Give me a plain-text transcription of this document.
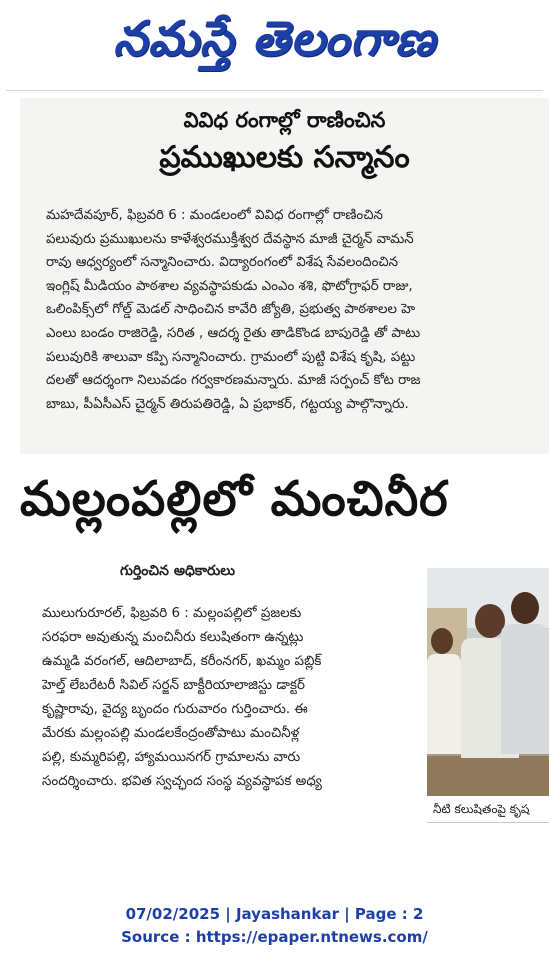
నమస్తే తెలంగాణ
వివిధ రంగాల్లో రాణించిన
ప్రముఖులకు సన్మానం
మహదేవపూర్, ఫిబ్రవరి 6 : మండలంలో వివిధ రంగాల్లో రాణించిన
పలువురు ప్రముఖులను కాళేశ్వరముక్తీశ్వర దేవస్థాన మాజీ చైర్మన్ వామన్
రావు ఆధ్వర్యంలో సన్మానించారు. విద్యారంగంలో విశేష సేవలందించిన
ఇంగ్లిష్ మీడియం పాఠశాల వ్యవస్థాపకుడు ఎంఎం శశి, ఫొటోగ్రాఫర్ రాజు,
ఒలింపిక్స్‌లో గోల్డ్ మెడల్ సాధించిన కావేరి జ్యోతి, ప్రభుత్వ పాఠశాలల హె
ఎంలు బండం రాజిరెడ్డి, సరిత , ఆదర్శ రైతు తాడికొండ బాపురెడ్డి తో పాటు
పలువురికి శాలువా కప్పి సన్మానించారు. గ్రామంలో పుట్టి విశేష కృషి, పట్టు
దలతో ఆదర్శంగా నిలువడం గర్వకారణమన్నారు. మాజీ సర్పంచ్ కోట రాజ
బాబు, పీఏసీఎస్ చైర్మన్ తిరుపతిరెడ్డి, ఏ ప్రభాకర్, గట్టయ్య పాల్గొన్నారు.
మల్లంపల్లిలో మంచినీర
గుర్తించిన అధికారులు
ములుగురూరల్, ఫిబ్రవరి 6 : మల్లంపల్లిలో ప్రజలకు
సరఫరా అవుతున్న మంచినీరు కలుషితంగా ఉన్నట్లు
ఉమ్మడి వరంగల్, ఆదిలాబాద్, కరీంనగర్, ఖమ్మం పబ్లిక్
హెల్త్ లేబరేటరీ సివిల్ సర్జన్ బాక్టీరియాలాజిస్టు డాక్టర్
కృష్ణారావు, వైద్య బృందం గురువారం గుర్తించారు. ఈ
మేరకు మల్లంపల్లి మండలకేంద్రంతోపాటు మంచినీళ్ల
పల్లి, కుమ్మరిపల్లి, హ్యామయినగర్ గ్రామాలను వారు
సందర్శించారు. భవిత స్వచ్ఛంద సంస్థ వ్యవస్థాపక అధ్య
నీటి కలుషితంపై కృష
07/02/2025 | Jayashankar | Page : 2
Source : https://epaper.ntnews.com/
